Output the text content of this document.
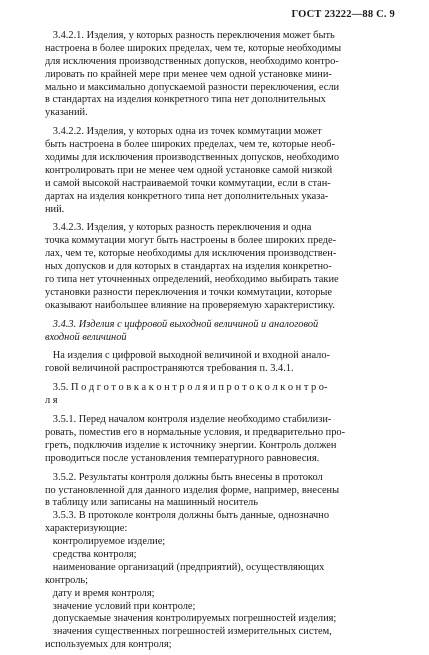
ГОСТ 23222—88 С. 9
3.4.2.1. Изделия, у которых разность переключения может быть
настроена в более широких пределах, чем те, которые необходимы
для исключения производственных допусков, необходимо контро-
лировать по крайней мере при менее чем одной установке мини-
мально и максимально допускаемой разности переключения, если
в стандартах на изделия конкретного типа нет дополнительных
указаний.
3.4.2.2. Изделия, у которых одна из точек коммутации может
быть настроена в более широких пределах, чем те, которые необ-
ходимы для исключения производственных допусков, необходимо
контролировать при не менее чем одной установке самой низкой
и самой высокой настраиваемой точки коммутации, если в стан-
дартах на изделия конкретного типа нет дополнительных указа-
ний.
3.4.2.3. Изделия, у которых разность переключения и одна
точка коммутации могут быть настроены в более широких преде-
лах, чем те, которые необходимы для исключения производствен-
ных допусков и для которых в стандартах на изделия конкретно-
го типа нет уточненных определений, необходимо выбирать такие
установки разности переключения и точки коммутации, которые
оказывают наибольшее влияние на проверяемую характеристику.
3.4.3. Изделия с цифровой выходной величиной и аналоговой
входной величиной
На изделия с цифровой выходной величиной и входной анало-
говой величиной распространяются требования п. 3.4.1.
3.5. П о д г о т о в к а к о н т р о л я и п р о т о к о л к о н т р о-
л я
3.5.1. Перед началом контроля изделие необходимо стабилизи-
ровать, поместив его в нормальные условия, и предварительно про-
греть, подключив изделие к источнику энергии. Контроль должен
проводиться после установления температурного равновесия.
3.5.2. Результаты контроля должны быть внесены в протокол
по установленной для данного изделия форме, например, внесены
в таблицу или записаны на машинный носитель
3.5.3. В протоколе контроля должны быть данные, однозначно
характеризующие:
контролируемое изделие;
средства контроля;
наименование организаций (предприятий), осуществляющих
контроль;
дату и время контроля;
значение условий при контроле;
допускаемые значения контролируемых погрешностей изделия;
значения существенных погрешностей измерительных систем,
используемых для контроля;
